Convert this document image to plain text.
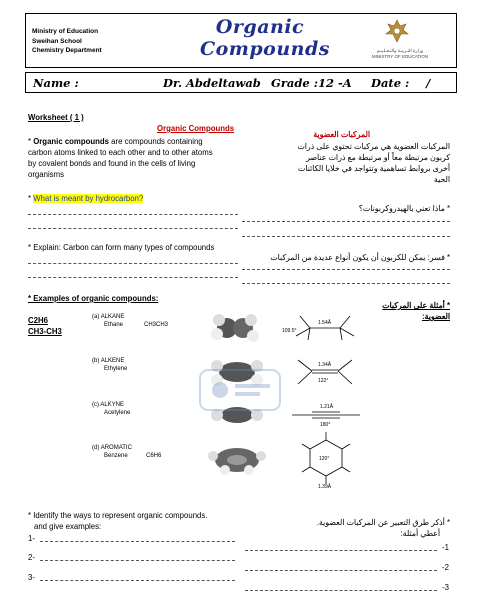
Ministry of Education
Sweihan School
Chemistry Department
Organic
Compounds	وزارة التـربيـة والتـعـلـيـم
MINISTRY OF EDUCATION
Name :	Dr. Abdeltawab Grade :12 -A Date : /
Worksheet ( 1 )
Organic Compounds
المركبات العضوية
* Organic compounds are compounds containing
carbon atoms linked to each other and to other atoms
by covalent bonds and found in the cells of living
organisms
المركبات العضوية هي مركبات تحتوي على ذرات
كربون مرتبطة معاً أو مرتبطة مع ذرات عناصر
أخرى بروابط تساهمية وتتواجد في خلايا الكائنات
الحية
* What is meant by hydrocarbon?
* ماذا تعني بالهيدروكربونات؟
* Explain: Carbon can form many types of compounds
* فسر: يمكن للكربون أن يكون أنواع عديدة من المركبات
* Examples of organic compounds:
* أمثلة على المركبات
العضوية:
C2H6
CH3-CH3
(a) ALKANE
Ethane	CH3CH3
(b) ALKENE
Ethylene
(c) ALKYNE
Acetylene
(d) AROMATIC
Benzene	C6H6
1.54Å
109.5°
1.34Å
122°
1.21Å
180°
120°
1.39Å
* Identify the ways to represent organic compounds.
and give examples:	* أذكر طرق التعبير عن المركبات العضوية.
أعطي أمثلة:
1-
2-
3-
-1
-2
-3
